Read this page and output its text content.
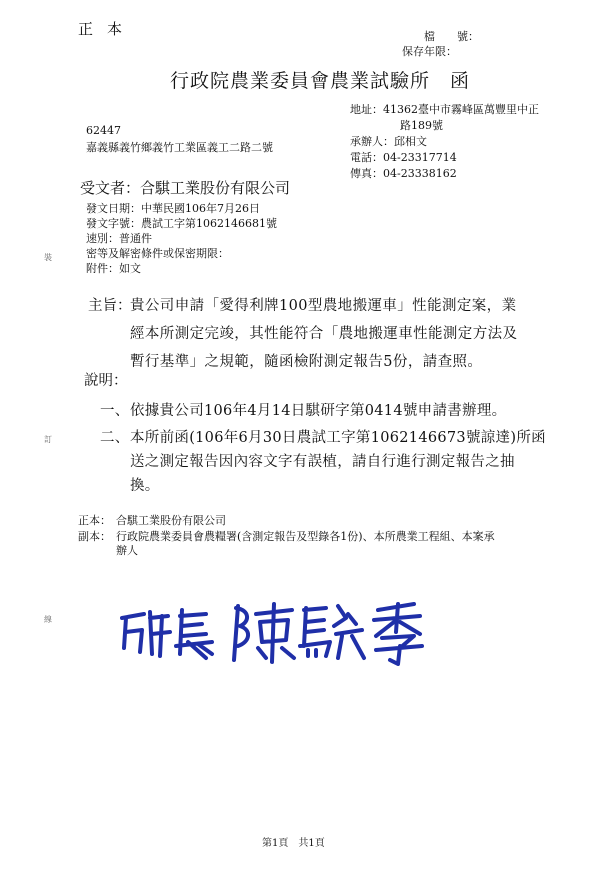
正本	檔　　號：
保存年限：
行政院農業委員會農業試驗所　函
地址：41362臺中市霧峰區萬豐里中正
路189號
承辦人：邱相文
電話：04-23317714
傳真：04-23338162
62447
嘉義縣義竹鄉義竹工業區義工二路二號
受文者：合騏工業股份有限公司
發文日期：中華民國106年7月26日
發文字號：農試工字第1062146681號
速別：普通件
密等及解密條件或保密期限：
附件：如文
主旨：
貴公司申請「愛得利牌100型農地搬運車」性能測定案，業
經本所測定完竣，其性能符合「農地搬運車性能測定方法及
暫行基準」之規範，隨函檢附測定報告5份，請查照。
說明：
一、 依據貴公司106年4月14日騏研字第0414號申請書辦理。
二、 本所前函(106年6月30日農試工字第1062146673號諒達)所函
送之測定報告因內容文字有誤植，請自行進行測定報告之抽
換。
正本： 合騏工業股份有限公司
副本： 行政院農業委員會農糧署(含測定報告及型錄各1份)、本所農業工程組、本案承
辦人
裝
訂
線
第1頁　共1頁
